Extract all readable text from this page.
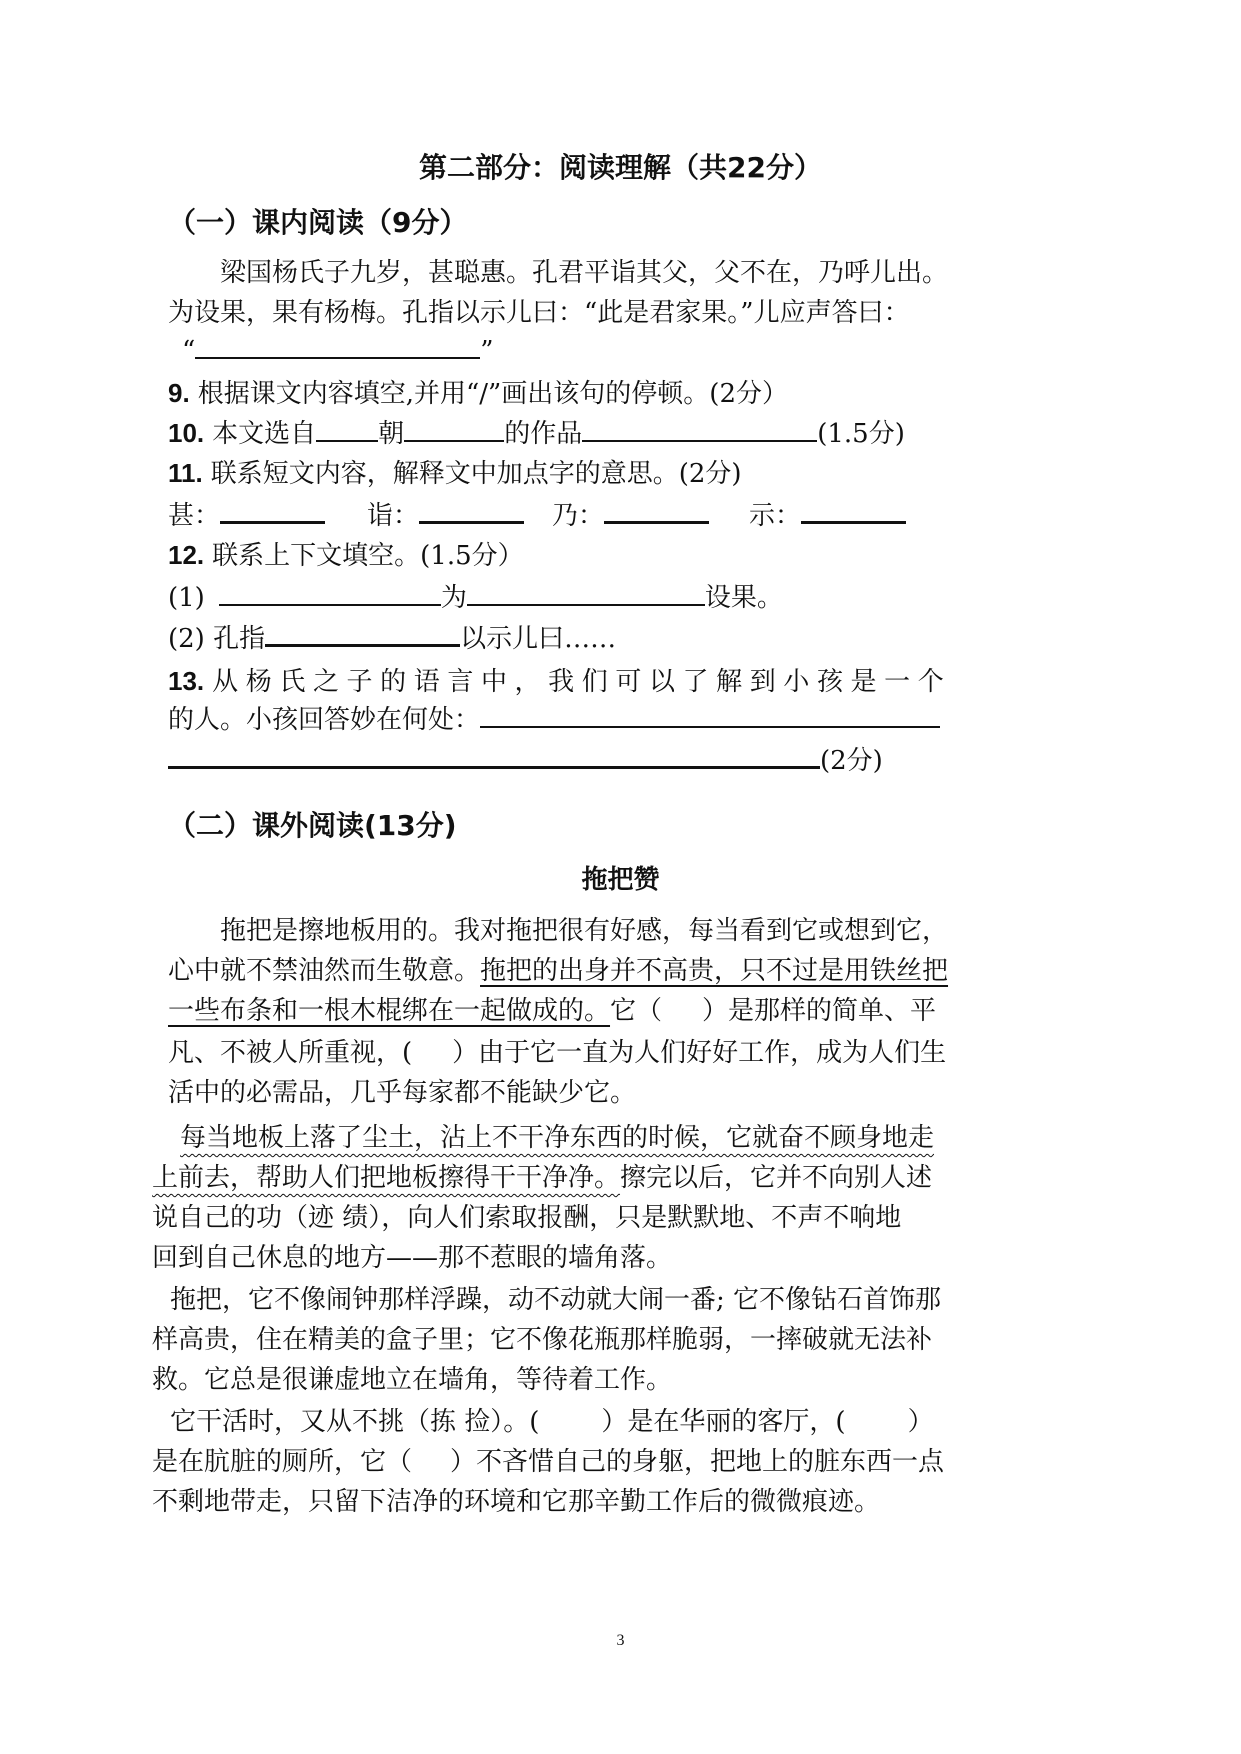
第二部分：阅读理解（共22分）
（一）课内阅读（9分）
梁国杨氏子九岁，甚聪惠。孔君平诣其父，父不在，乃呼儿出。
为设果，果有杨梅。孔指以示儿曰：“此是君家果。”儿应声答曰：
“	”
9. 根据课文内容填空,并用“/”画出该句的停顿。(2分）
10. 本文选自 朝	的作品	(1.5分)
11. 联系短文内容，解释文中加点字的意思。(2分)
甚：	诣：	乃：	示：
12. 联系上下文填空。(1.5分）
(1)	为	设果。
(2) 孔指	以示儿曰……
13. 从杨氏之子的语言中，我们可以了解到小孩是一个
的人。小孩回答妙在何处：
(2分)
（二）课外阅读(13分)
拖把赞
拖把是擦地板用的。我对拖把很有好感，每当看到它或想到它，
心中就不禁油然而生敬意。拖把的出身并不高贵，只不过是用铁丝把
一些布条和一根木棍绑在一起做成的。它（ ）是那样的简单、平
凡、不被人所重视，( ）由于它一直为人们好好工作，成为人们生
活中的必需品，几乎每家都不能缺少它。
每当地板上落了尘土，沾上不干净东西的时候，它就奋不顾身地走
上前去，帮助人们把地板擦得干干净净。擦完以后，它并不向别人述
说自己的功（迹 绩），向人们索取报酬，只是默默地、不声不响地
回到自己休息的地方——那不惹眼的墙角落。
拖把，它不像闹钟那样浮躁，动不动就大闹一番; 它不像钻石首饰那
样高贵，住在精美的盒子里；它不像花瓶那样脆弱，一摔破就无法补
救。它总是很谦虚地立在墙角，等待着工作。
它干活时，又从不挑（拣 捡）。( ）是在华丽的客厅，( ）
是在肮脏的厕所，它（ ）不吝惜自己的身躯，把地上的脏东西一点
不剩地带走，只留下洁净的环境和它那辛勤工作后的微微痕迹。
3
